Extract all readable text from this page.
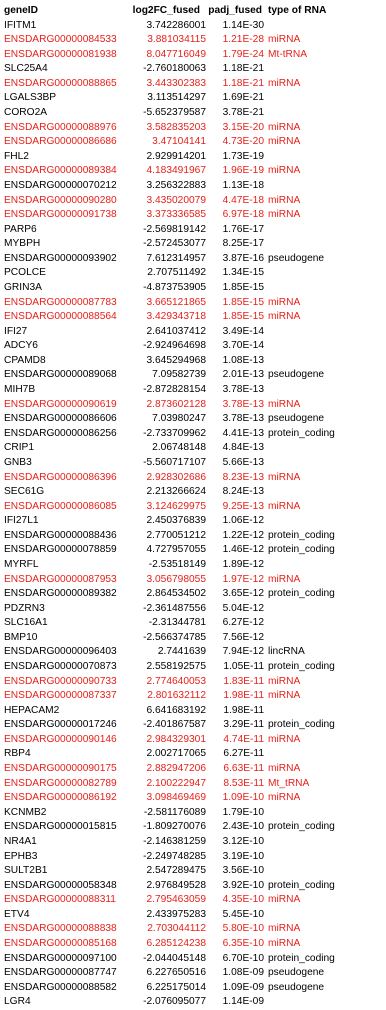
geneID	log2FC_fused	padj_fused	type of RNA
IFITM1	3.742286001	1.14E-30	
ENSDARG00000084533	3.881034115	1.21E-28	miRNA
ENSDARG00000081938	8.047716049	1.79E-24	Mt-tRNA
SLC25A4	-2.760180063	1.18E-21	
ENSDARG00000088865	3.443302383	1.18E-21	miRNA
LGALS3BP	3.113514297	1.69E-21	
CORO2A	-5.652379587	3.78E-21	
ENSDARG00000088976	3.582835203	3.15E-20	miRNA
ENSDARG00000086686	3.47104141	4.73E-20	miRNA
FHL2	2.929914201	1.73E-19	
ENSDARG00000089384	4.183491967	1.96E-19	miRNA
ENSDARG00000070212	3.256322883	1.13E-18	
ENSDARG00000090280	3.435020079	4.47E-18	miRNA
ENSDARG00000091738	3.373336585	6.97E-18	miRNA
PARP6	-2.569819142	1.76E-17	
MYBPH	-2.572453077	8.25E-17	
ENSDARG00000093902	7.612314957	3.87E-16	pseudogene
PCOLCE	2.707511492	1.34E-15	
GRIN3A	-4.873753905	1.85E-15	
ENSDARG00000087783	3.665121865	1.85E-15	miRNA
ENSDARG00000088564	3.429343718	1.85E-15	miRNA
IFI27	2.641037412	3.49E-14	
ADCY6	-2.924964698	3.70E-14	
CPAMD8	3.645294968	1.08E-13	
ENSDARG00000089068	7.09582739	2.01E-13	pseudogene
MIH7B	-2.872828154	3.78E-13	
ENSDARG00000090619	2.873602128	3.78E-13	miRNA
ENSDARG00000086606	7.03980247	3.78E-13	pseudogene
ENSDARG00000086256	-2.733709962	4.41E-13	protein_coding
CRIP1	2.06748148	4.84E-13	
GNB3	-5.560717107	5.66E-13	
ENSDARG00000086396	2.928302686	8.23E-13	miRNA
SEC61G	2.213266624	8.24E-13	
ENSDARG00000086085	3.124629975	9.25E-13	miRNA
IFI27L1	2.450376839	1.06E-12	
ENSDARG00000088436	2.770051212	1.22E-12	protein_coding
ENSDARG00000078859	4.727957055	1.46E-12	protein_coding
MYRFL	-2.53518149	1.89E-12	
ENSDARG00000087953	3.056798055	1.97E-12	miRNA
ENSDARG00000089382	2.864534502	3.65E-12	protein_coding
PDZRN3	-2.361487556	5.04E-12	
SLC16A1	-2.31344781	6.27E-12	
BMP10	-2.566374785	7.56E-12	
ENSDARG00000096403	2.7441639	7.94E-12	lincRNA
ENSDARG00000070873	2.558192575	1.05E-11	protein_coding
ENSDARG00000090733	2.774640053	1.83E-11	miRNA
ENSDARG00000087337	2.801632112	1.98E-11	miRNA
HEPACAM2	6.641683192	1.98E-11	
ENSDARG00000017246	-2.401867587	3.29E-11	protein_coding
ENSDARG00000090146	2.984329301	4.74E-11	miRNA
RBP4	2.002717065	6.27E-11	
ENSDARG00000090175	2.882947206	6.63E-11	miRNA
ENSDARG00000082789	2.100222947	8.53E-11	Mt_tRNA
ENSDARG00000086192	3.098469469	1.09E-10	miRNA
KCNMB2	-2.581176089	1.79E-10	
ENSDARG00000015815	-1.809270076	2.43E-10	protein_coding
NR4A1	-2.146381259	3.12E-10	
EPHB3	-2.249748285	3.19E-10	
SULT2B1	2.547289475	3.56E-10	
ENSDARG00000058348	2.976849528	3.92E-10	protein_coding
ENSDARG00000088311	2.795463059	4.35E-10	miRNA
ETV4	2.433975283	5.45E-10	
ENSDARG00000088838	2.703044112	5.80E-10	miRNA
ENSDARG00000085168	6.285124238	6.35E-10	miRNA
ENSDARG00000097100	-2.044045148	6.70E-10	protein_coding
ENSDARG00000087747	6.227650516	1.08E-09	pseudogene
ENSDARG00000088582	6.225175014	1.09E-09	pseudogene
LGR4	-2.076095077	1.14E-09	
